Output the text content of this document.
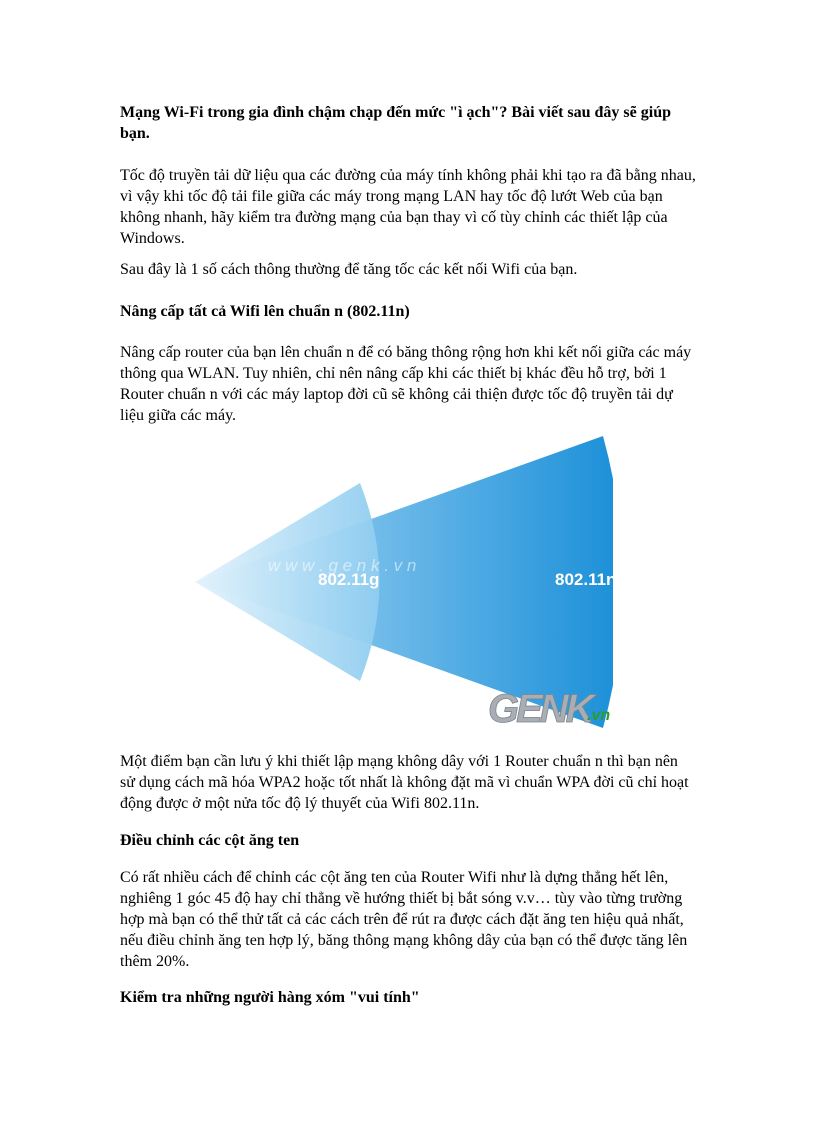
Mạng Wi-Fi trong gia đình chậm chạp đến mức "ì ạch"? Bài viết sau đây sẽ giúp
bạn.

Tốc độ truyền tải dữ liệu qua các đường của máy tính không phải khi tạo ra đã bằng nhau,
vì vậy khi tốc độ tải file giữa các máy trong mạng LAN hay tốc độ lướt Web của bạn
không nhanh, hãy kiểm tra đường mạng của bạn thay vì cố tùy chỉnh các thiết lập của
Windows.

Sau đây là 1 số cách thông thường để tăng tốc các kết nối Wifi của bạn.

Nâng cấp tất cả Wifi lên chuẩn n (802.11n)

Nâng cấp router của bạn lên chuẩn n để có băng thông rộng hơn khi kết nối giữa các máy
thông qua WLAN. Tuy nhiên, chỉ nên nâng cấp khi các thiết bị khác đều hỗ trợ, bởi 1
Router chuẩn n với các máy laptop đời cũ sẽ không cải thiện được tốc độ truyền tải dự
liệu giữa các máy.

w w w . g e n k . v n
802.11g	802.11n
GENK
.vn

Một điểm bạn cần lưu ý khi thiết lập mạng không dây với 1 Router chuẩn n thì bạn nên
sử dụng cách mã hóa WPA2 hoặc tốt nhất là không đặt mã vì chuẩn WPA đời cũ chỉ hoạt
động được ở một nửa tốc độ lý thuyết của Wifi 802.11n.

Điều chỉnh các cột ăng ten

Có rất nhiều cách để chỉnh các cột ăng ten của Router Wifi như là dựng thẳng hết lên,
nghiêng 1 góc 45 độ hay chỉ thẳng về hướng thiết bị bắt sóng v.v… tùy vào từng trường
hợp mà bạn có thể thử tất cả các cách trên để rút ra được cách đặt ăng ten hiệu quả nhất,
nếu điều chỉnh ăng ten hợp lý, băng thông mạng không dây của bạn có thể được tăng lên
thêm 20%.

Kiểm tra những người hàng xóm "vui tính"
